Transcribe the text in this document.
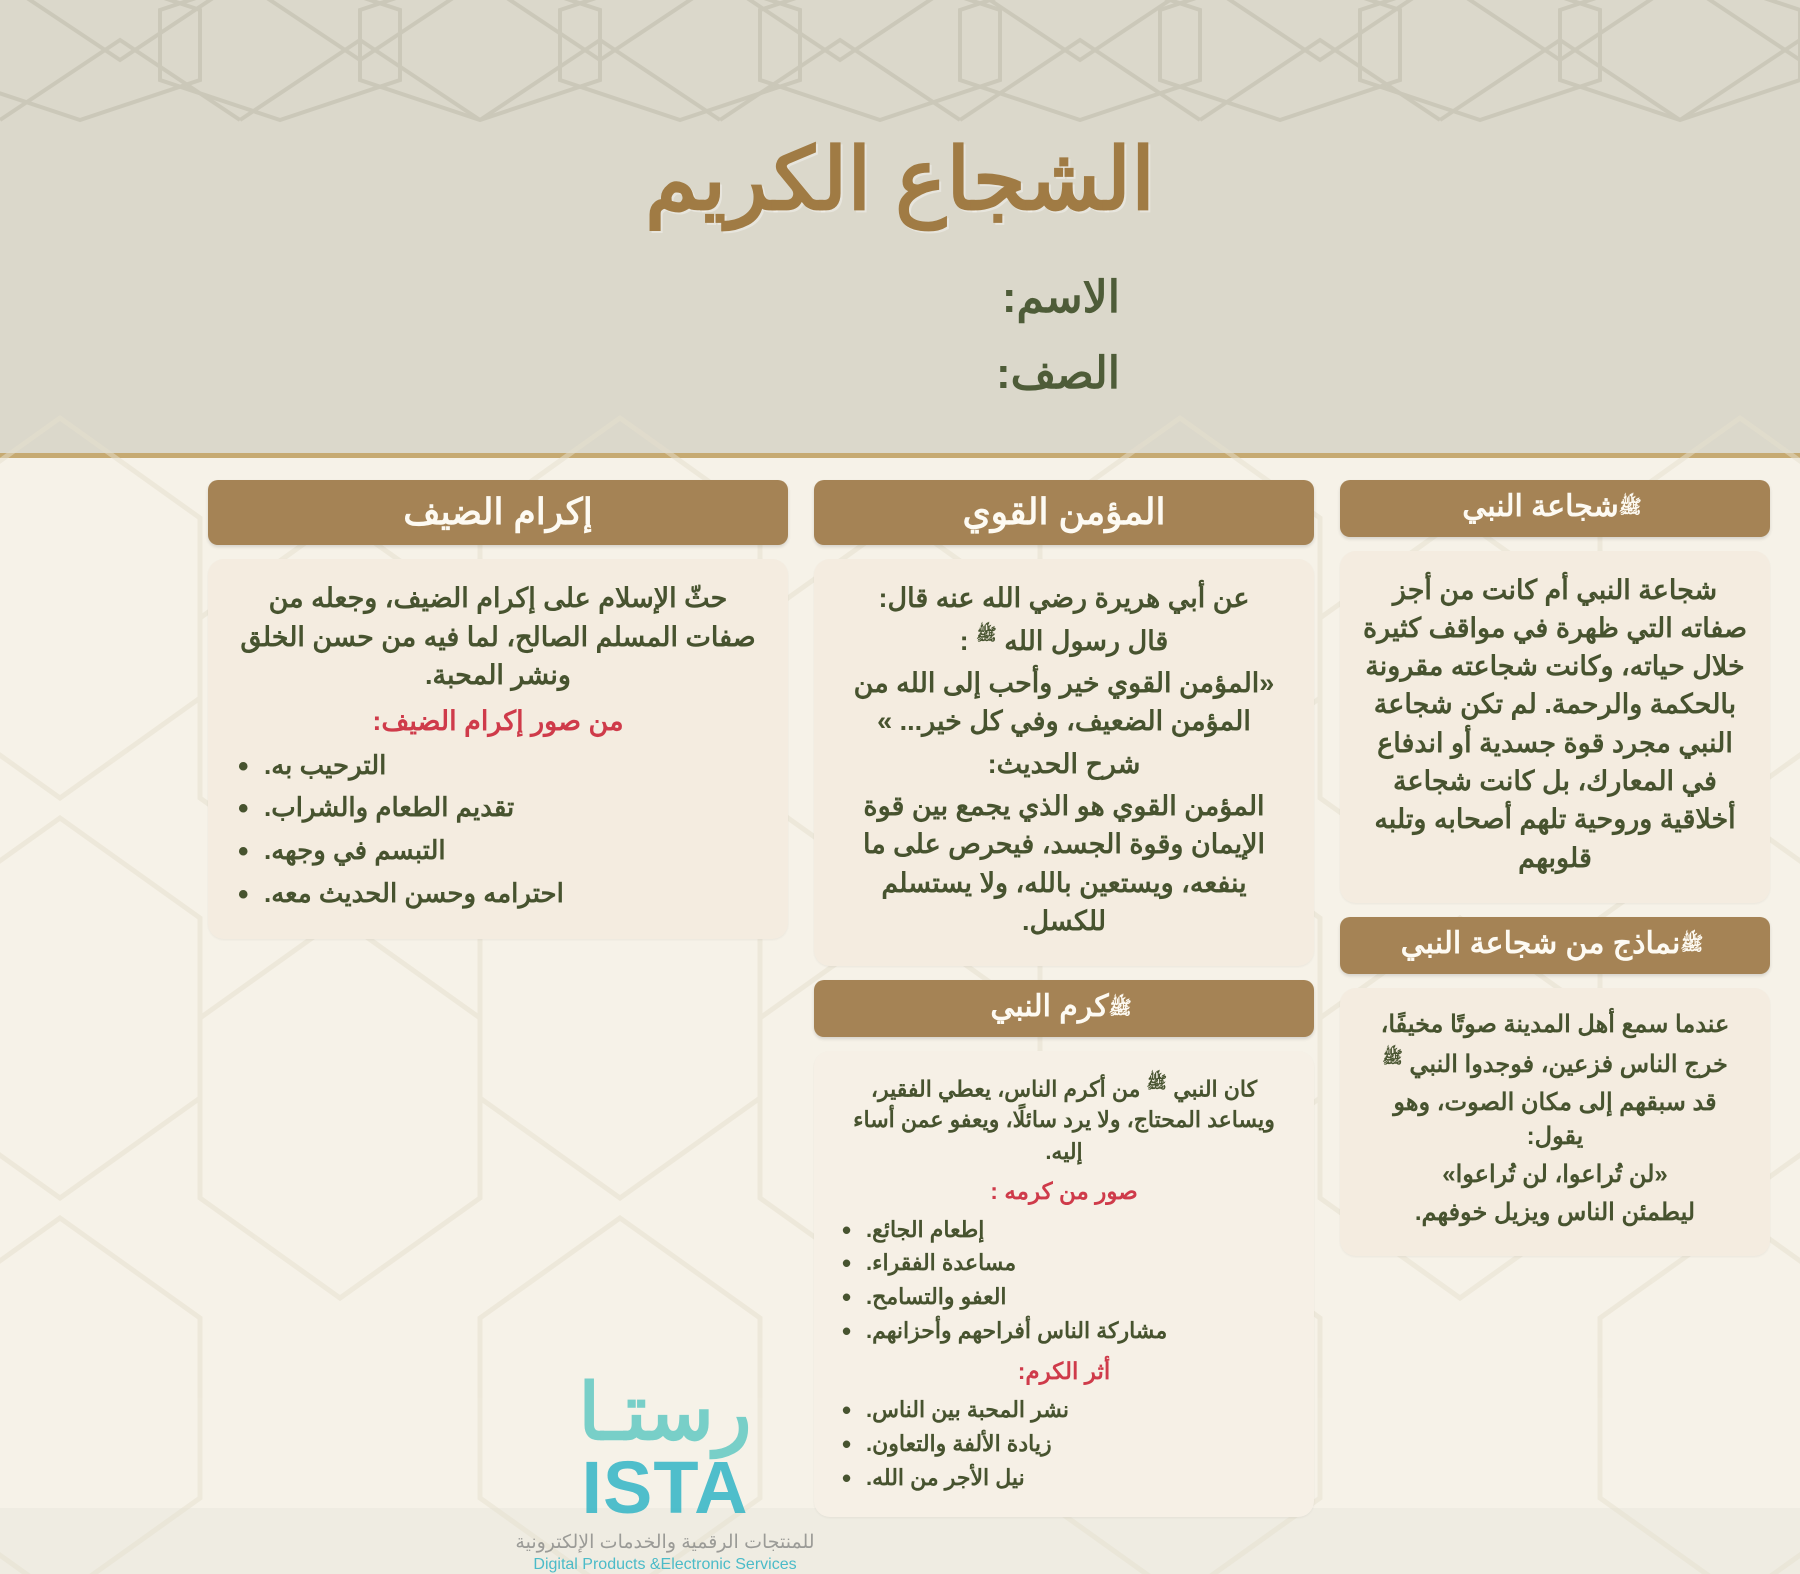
الشجاع الكريم
الاسم:
الصف:
ﷺشجاعة النبي

شجاعة النبي أم كانت من أجز صفاته التي ظهرة في مواقف كثيرة خلال حياته، وكانت شجاعته مقرونة بالحكمة والرحمة. لم تكن شجاعة النبي مجرد قوة جسدية أو اندفاع في المعارك، بل كانت شجاعة أخلاقية وروحية تلهم أصحابه وتلبه قلوبهم

ﷺنماذج من شجاعة النبي

عندما سمع أهل المدينة صوتًا مخيفًا،

خرج الناس فزعين، فوجدوا النبي $^ﷺ$

قد سبقهم إلى مكان الصوت، وهو يقول:

«لن تُراعوا، لن تُراعوا»

ليطمئن الناس ويزيل خوفهم.

المؤمن القوي

عن أبي هريرة رضي الله عنه قال:

قال رسول الله $^ﷺ$ :

«المؤمن القوي خير وأحب إلى الله من المؤمن الضعيف، وفي كل خير... »

شرح الحديث:

المؤمن القوي هو الذي يجمع بين قوة الإيمان وقوة الجسد، فيحرص على ما ينفعه، ويستعين بالله، ولا يستسلم للكسل.

ﷺكرم النبي

كان النبي $^ﷺ$ من أكرم الناس، يعطي الفقير، ويساعد المحتاج، ولا يرد سائلًا، ويعفو عمن أساء إليه.

صور من كرمه :
إطعام الجائع. •
مساعدة الفقراء. •
العفو والتسامح. •
مشاركة الناس أفراحهم وأحزانهم. •
أثر الكرم:
نشر المحبة بين الناس. •
زيادة الألفة والتعاون. •
نيل الأجر من الله. •
إكرام الضيف

حثّ الإسلام على إكرام الضيف، وجعله من صفات المسلم الصالح، لما فيه من حسن الخلق ونشر المحبة.

من صور إكرام الضيف:
الترحيب به. •
تقديم الطعام والشراب. •
التبسم في وجهه. •
احترامه وحسن الحديث معه. •
رستـا
ISTA
للمنتجات الرقمية والخدمات الإلكترونية
Digital Products &Electronic Services
